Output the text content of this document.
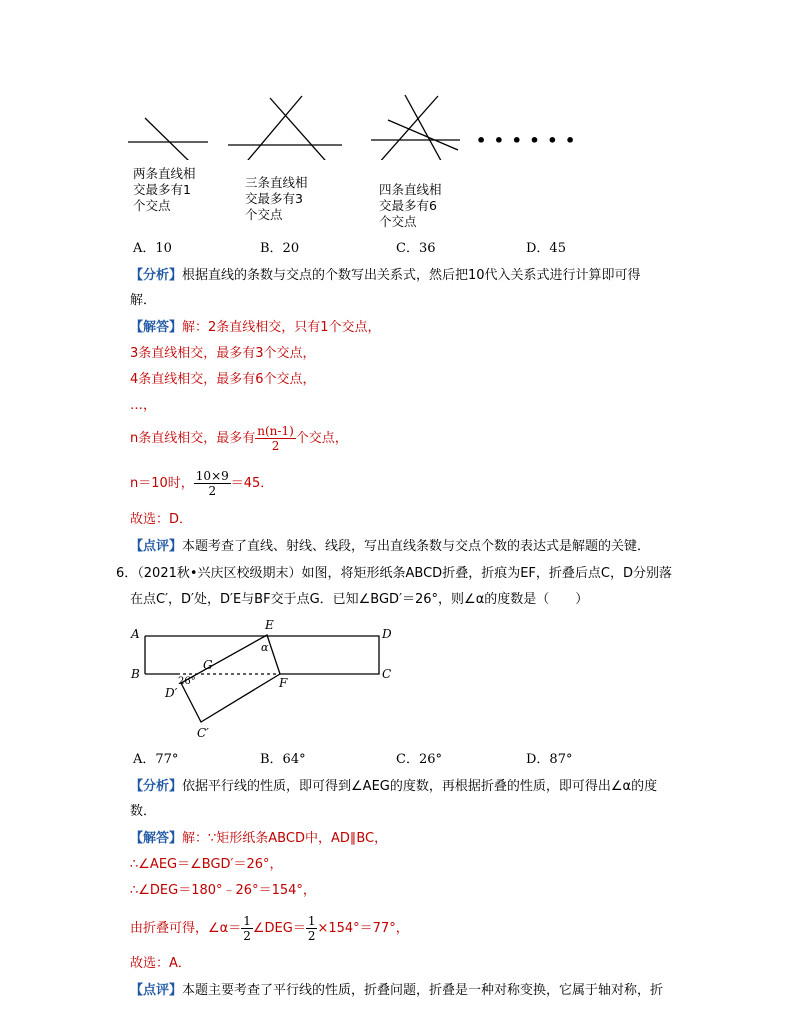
• • • • • •
两条直线相
交最多有1
个交点
三条直线相
交最多有3
个交点
四条直线相
交最多有6
个交点
A．10	B．20	C．36	D．45
【分析】根据直线的条数与交点的个数写出关系式，然后把10代入关系式进行计算即可得
解．
【解答】解：2条直线相交，只有1个交点，
3条直线相交，最多有3个交点，
4条直线相交，最多有6个交点，
…，
n条直线相交，最多有 $\frac{n(n-1)}{2}$ 个交点，
n＝10时， $\frac{10\times 9}{2} =45$．
故选：D．
【点评】本题考查了直线、射线、线段，写出直线条数与交点个数的表达式是解题的关键．
6．（2021秋•兴庆区校级期末）如图，将矩形纸条ABCD折叠，折痕为EF，折叠后点C，D分别落
在点C′，D′处，D′E与BF交于点G．已知∠BGD′＝26°，则∠α的度数是（　　）
A	D
E
α
B	C
G
F
26°
D′
C′
A．77°	B．64°	C．26°	D．87°
【分析】依据平行线的性质，即可得到∠AEG的度数，再根据折叠的性质，即可得出∠α的度
数．
【解答】解：∵矩形纸条ABCD中，AD∥BC，
∴∠AEG＝∠BGD′＝26°，
∴∠DEG＝180°﹣26°＝154°，
由折叠可得，∠α＝ $\frac{1}{2}$ ∠DEG＝ $\frac{1}{2} \times 154^\circ=77^\circ$，
故选：A．
【点评】本题主要考查了平行线的性质，折叠问题，折叠是一种对称变换，它属于轴对称，折
